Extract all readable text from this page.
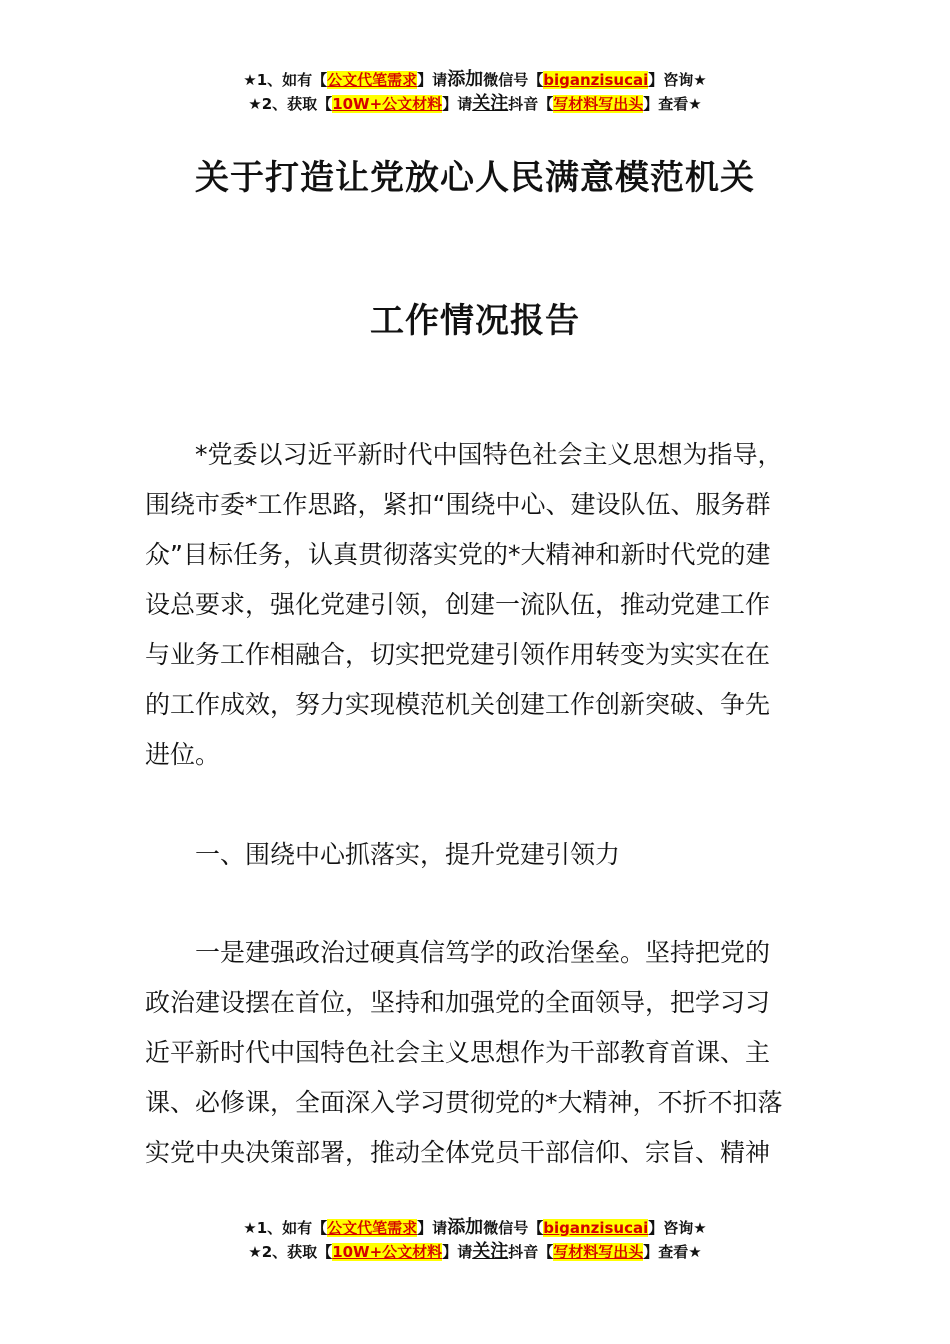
★1、如有【公文代笔需求】请添加微信号【biganzisucai】咨询★
★2、获取【10W+公文材料】请关注抖音【写材料写出头】查看★
关于打造让党放心人民满意模范机关
工作情况报告
*党委以习近平新时代中国特色社会主义思想为指导，
围绕市委*工作思路，紧扣“围绕中心、建设队伍、服务群
众”目标任务，认真贯彻落实党的*大精神和新时代党的建
设总要求，强化党建引领，创建一流队伍，推动党建工作
与业务工作相融合，切实把党建引领作用转变为实实在在
的工作成效，努力实现模范机关创建工作创新突破、争先
进位。
一、围绕中心抓落实，提升党建引领力
一是建强政治过硬真信笃学的政治堡垒。坚持把党的
政治建设摆在首位，坚持和加强党的全面领导，把学习习
近平新时代中国特色社会主义思想作为干部教育首课、主
课、必修课，全面深入学习贯彻党的*大精神，不折不扣落
实党中央决策部署，推动全体党员干部信仰、宗旨、精神
★1、如有【公文代笔需求】请添加微信号【biganzisucai】咨询★
★2、获取【10W+公文材料】请关注抖音【写材料写出头】查看★
